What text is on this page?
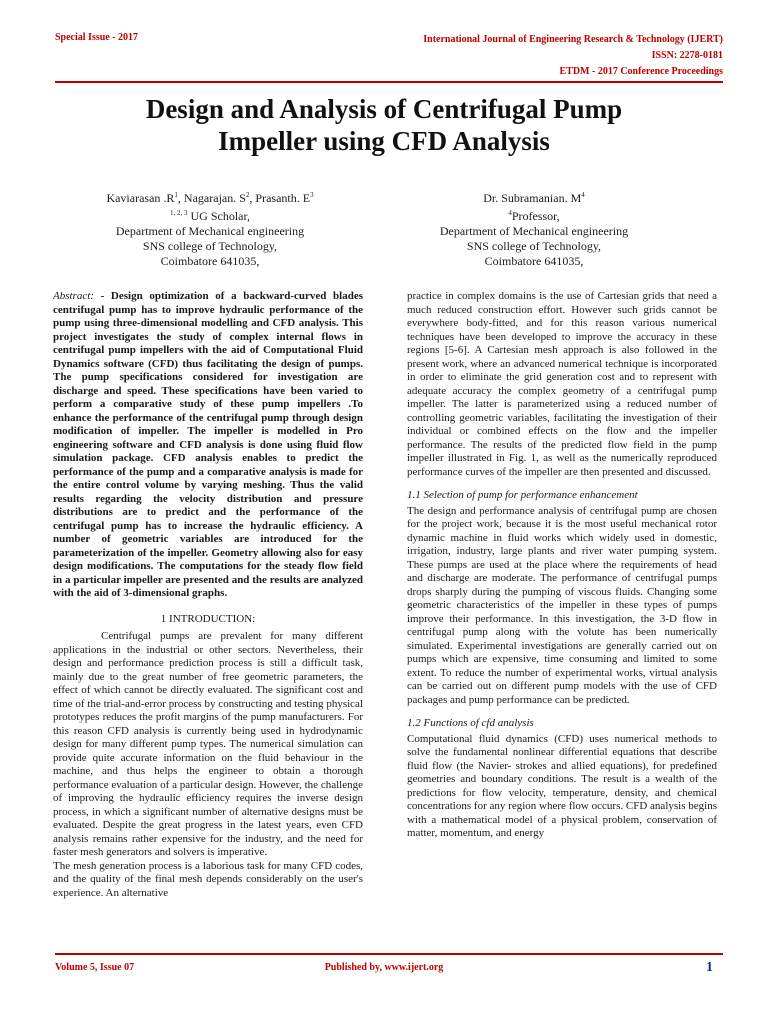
Special Issue - 2017	International Journal of Engineering Research & Technology (IJERT)
ISSN: 2278-0181
ETDM - 2017 Conference Proceedings
Design and Analysis of Centrifugal Pump
Impeller using CFD Analysis
Kaviarasan $.R^1$, Nagarajan. $S^2$, Prasanth. $E^3$
$^{1, 2, 3}$ UG Scholar,
Department of Mechanical engineering
SNS college of Technology,
Coimbatore 641035,
Dr. Subramanian. $M^4$
$^4$Professor,
Department of Mechanical engineering
SNS college of Technology,
Coimbatore 641035,

Abstract: - Design optimization of a backward-curved blades centrifugal pump has to improve hydraulic performance of the pump using three-dimensional modelling and CFD analysis. This project investigates the study of complex internal flows in centrifugal pump impellers with the aid of Computational Fluid Dynamics software (CFD) thus facilitating the design of pumps. The pump specifications considered for investigation are discharge and speed. These specifications have been varied to perform a comparative study of these pump impellers .To enhance the performance of the centrifugal pump through design modification of impeller. The impeller is modelled in Pro engineering software and CFD analysis is done using fluid flow simulation package. CFD analysis enables to predict the performance of the pump and a comparative analysis is made for the entire control volume by varying meshing. Thus the valid results regarding the velocity distribution and pressure distributions are to predict and the performance of the centrifugal pump has to increase the hydraulic efficiency. A number of geometric variables are introduced for the parameterization of the impeller. Geometry allowing also for easy design modifications. The computations for the steady flow field in a particular impeller are presented and the results are analyzed with the aid of 3-dimensional graphs.

1 INTRODUCTION:

Centrifugal pumps are prevalent for many different applications in the industrial or other sectors. Nevertheless, their design and performance prediction process is still a difficult task, mainly due to the great number of free geometric parameters, the effect of which cannot be directly evaluated. The significant cost and time of the trial-and-error process by constructing and testing physical prototypes reduces the profit margins of the pump manufacturers. For this reason CFD analysis is currently being used in hydrodynamic design for many different pump types. The numerical simulation can provide quite accurate information on the fluid behaviour in the machine, and thus helps the engineer to obtain a thorough performance evaluation of a particular design. However, the challenge of improving the hydraulic efficiency requires the inverse design process, in which a significant number of alternative designs must be evaluated. Despite the great progress in the latest years, even CFD analysis remains rather expensive for the industry, and the need for faster mesh generators and solvers is imperative.

The mesh generation process is a laborious task for many CFD codes, and the quality of the final mesh depends considerably on the user's experience. An alternative

practice in complex domains is the use of Cartesian grids that need a much reduced construction effort. However such grids cannot be everywhere body-fitted, and for this reason various numerical techniques have been developed to improve the accuracy in these regions [5-6]. A Cartesian mesh approach is also followed in the present work, where an advanced numerical technique is incorporated in order to eliminate the grid generation cost and to represent with adequate accuracy the complex geometry of a centrifugal pump impeller. The latter is parameterized using a reduced number of controlling geometric variables, facilitating the investigation of their individual or combined effects on the flow and the impeller performance. The results of the predicted flow field in the pump impeller illustrated in Fig. 1, as well as the numerically reproduced performance curves of the impeller are then presented and discussed.

1.1 Selection of pump for performance enhancement

The design and performance analysis of centrifugal pump are chosen for the project work, because it is the most useful mechanical rotor dynamic machine in fluid works which widely used in domestic, irrigation, industry, large plants and river water pumping system. These pumps are used at the place where the requirements of head and discharge are moderate. The performance of centrifugal pumps drops sharply during the pumping of viscous fluids. Changing some geometric characteristics of the impeller in these types of pumps improve their performance. In this investigation, the 3-D flow in centrifugal pump along with the volute has been numerically simulated. Experimental investigations are generally carried out on pumps which are expensive, time consuming and limited to some extent. To reduce the number of experimental works, virtual analysis can be carried out on different pump models with the use of CFD packages and pump performance can be predicted.

1.2 Functions of cfd analysis

Computational fluid dynamics (CFD) uses numerical methods to solve the fundamental nonlinear differential equations that describe fluid flow (the Navier- strokes and allied equations), for predefined geometries and boundary conditions. The result is a wealth of the predictions for flow velocity, temperature, density, and chemical concentrations for any region where flow occurs. CFD analysis begins with a mathematical model of a physical problem, conservation of matter, momentum, and energy

Volume 5, Issue 07	Published by, www.ijert.org	1
